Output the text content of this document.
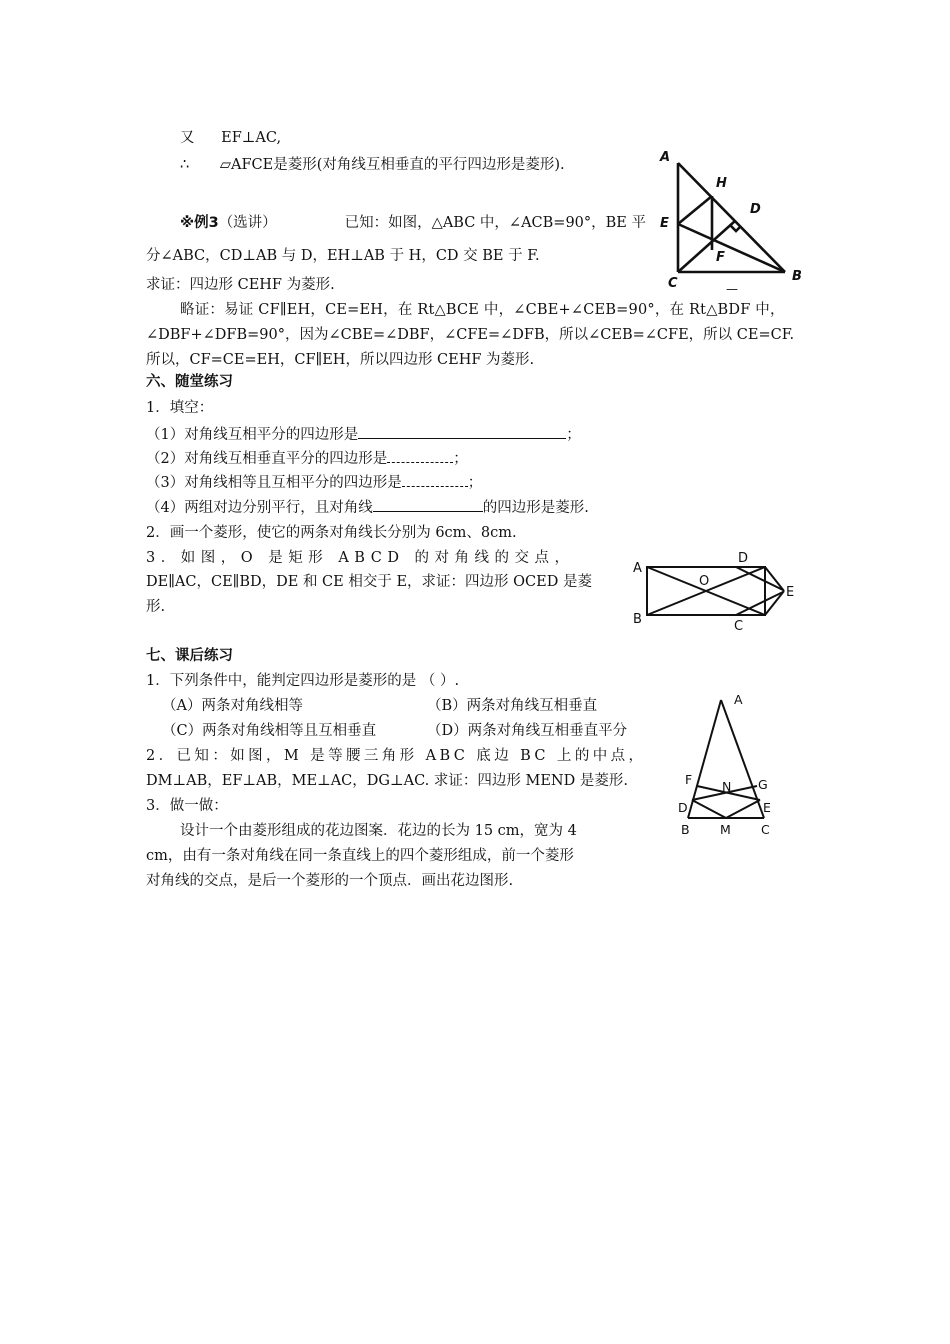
又 EF⊥AC,
∴ ▱AFCE是菱形(对角线互相垂直的平行四边形是菱形).
※例3（选讲）	已知：如图，△ABC 中，∠ACB=90°，BE 平
分∠ABC，CD⊥AB 与 D，EH⊥AB 于 H，CD 交 BE 于 F.
求证：四边形 CEHF 为菱形.
略证：易证 CF∥EH，CE=EH，在 Rt△BCE 中，∠CBE+∠CEB=90°，在 Rt△BDF 中，
∠DBF+∠DFB=90°，因为∠CBE=∠DBF，∠CFE=∠DFB，所以∠CEB=∠CFE，所以 CE=CF.
所以，CF=CE=EH，CF∥EH，所以四边形 CEHF 为菱形.
A
H
D
E
F
C	B
—
六、随堂练习
1．填空：
（1）对角线互相平分的四边形是	；
（2）对角线互相垂直平分的四边形是	；
（3）对角线相等且互相平分的四边形是	；
（4）两组对边分别平行，且对角线	的四边形是菱形.
2．画一个菱形，使它的两条对角线长分别为 6cm、8cm.
3．如图，O 是矩形 ABCD 的对角线的交点，
DE∥AC，CE∥BD，DE 和 CE 相交于 E，求证：四边形 OCED 是菱
形.
A
D
O
E
B	C
七、课后练习
1．下列条件中，能判定四边形是菱形的是 （ ）.
（A）两条对角线相等	（B）两条对角线互相垂直
（C）两条对角线相等且互相垂直	（D）两条对角线互相垂直平分
2．已知：如图，M 是等腰三角形 ABC 底边 BC 上的中点，
DM⊥AB，EF⊥AB，ME⊥AC，DG⊥AC. 求证：四边形 MEND 是菱形.
3．做一做：
设计一个由菱形组成的花边图案．花边的长为 15 cm，宽为 4
cm，由有一条对角线在同一条直线上的四个菱形组成，前一个菱形
对角线的交点，是后一个菱形的一个顶点．画出花边图形.
A
F N G
D	E
B M C
